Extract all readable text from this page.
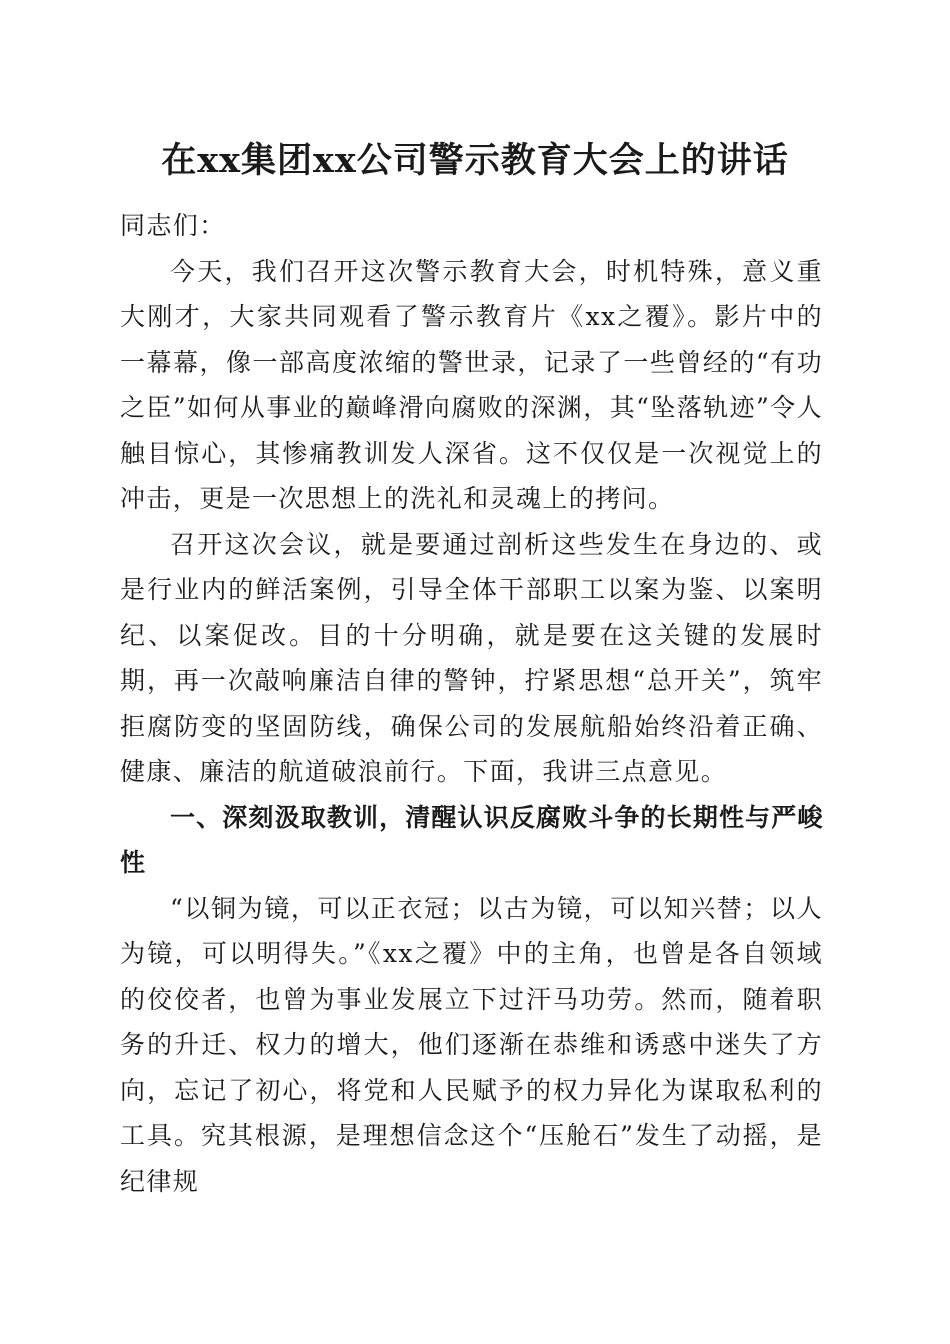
在xx集团xx公司警示教育大会上的讲话

同志们：

今天，我们召开这次警示教育大会，时机特殊，意义重大刚才，大家共同观看了警示教育片《xx之覆》。影片中的一幕幕，像一部高度浓缩的警世录，记录了一些曾经的“有功之臣”如何从事业的巅峰滑向腐败的深渊，其“坠落轨迹”令人触目惊心，其惨痛教训发人深省。这不仅仅是一次视觉上的冲击，更是一次思想上的洗礼和灵魂上的拷问。

召开这次会议，就是要通过剖析这些发生在身边的、或是行业内的鲜活案例，引导全体干部职工以案为鉴、以案明纪、以案促改。目的十分明确，就是要在这关键的发展时期，再一次敲响廉洁自律的警钟，拧紧思想“总开关”，筑牢拒腐防变的坚固防线，确保公司的发展航船始终沿着正确、健康、廉洁的航道破浪前行。下面，我讲三点意见。

一、深刻汲取教训，清醒认识反腐败斗争的长期性与严峻性

“以铜为镜，可以正衣冠；以古为镜，可以知兴替；以人为镜，可以明得失。”《xx之覆》中的主角，也曾是各自领域的佼佼者，也曾为事业发展立下过汗马功劳。然而，随着职务的升迁、权力的增大，他们逐渐在恭维和诱惑中迷失了方向，忘记了初心，将党和人民赋予的权力异化为谋取私利的工具。究其根源，是理想信念这个“压舱石”发生了动摇，是纪律规
